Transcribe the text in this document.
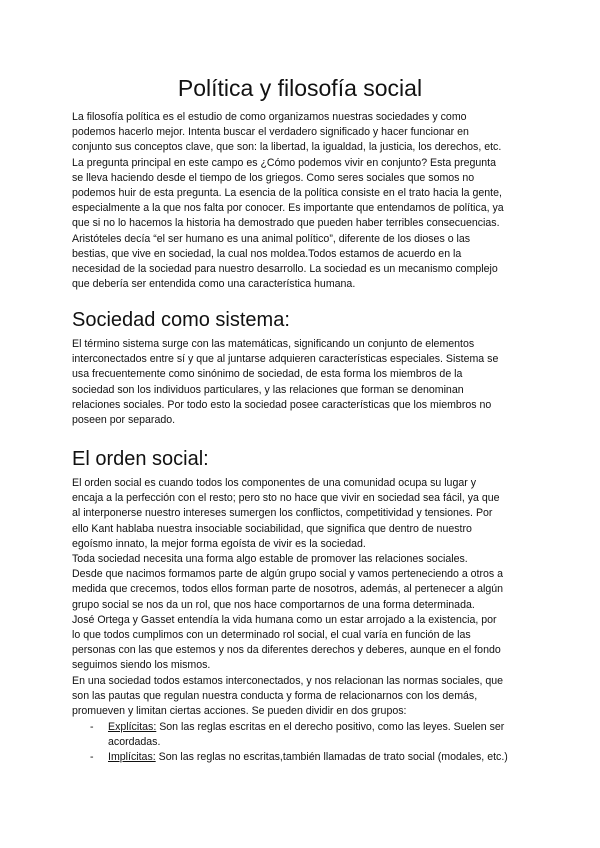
Política y filosofía social
La filosofía política es el estudio de como organizamos nuestras sociedades y como
podemos hacerlo mejor. Intenta buscar el verdadero significado y hacer funcionar en
conjunto sus conceptos clave, que son: la libertad, la igualdad, la justicia, los derechos, etc.
La pregunta principal en este campo es ¿Cómo podemos vivir en conjunto? Esta pregunta
se lleva haciendo desde el tiempo de los griegos. Como seres sociales que somos no
podemos huir de esta pregunta. La esencia de la política consiste en el trato hacia la gente,
especialmente a la que nos falta por conocer. Es importante que entendamos de política, ya
que si no lo hacemos la historia ha demostrado que pueden haber terribles consecuencias.
Aristóteles decía “el ser humano es una animal político”, diferente de los dioses o las
bestias, que vive en sociedad, la cual nos moldea.Todos estamos de acuerdo en la
necesidad de la sociedad para nuestro desarrollo. La sociedad es un mecanismo complejo
que debería ser entendida como una característica humana.
Sociedad como sistema:
El término sistema surge con las matemáticas, significando un conjunto de elementos
interconectados entre sí y que al juntarse adquieren características especiales. Sistema se
usa frecuentemente como sinónimo de sociedad, de esta forma los miembros de la
sociedad son los individuos particulares, y las relaciones que forman se denominan
relaciones sociales. Por todo esto la sociedad posee características que los miembros no
poseen por separado.
El orden social:
El orden social es cuando todos los componentes de una comunidad ocupa su lugar y
encaja a la perfección con el resto; pero sto no hace que vivir en sociedad sea fácil, ya que
al interponerse nuestro intereses sumergen los conflictos, competitividad y tensiones. Por
ello Kant hablaba nuestra insociable sociabilidad, que significa que dentro de nuestro
egoísmo innato, la mejor forma egoísta de vivir es la sociedad.
Toda sociedad necesita una forma algo estable de promover las relaciones sociales.
Desde que nacimos formamos parte de algún grupo social y vamos perteneciendo a otros a
medida que crecemos, todos ellos forman parte de nosotros, además, al pertenecer a algún
grupo social se nos da un rol, que nos hace comportarnos de una forma determinada.
José Ortega y Gasset entendía la vida humana como un estar arrojado a la existencia, por
lo que todos cumplimos con un determinado rol social, el cual varía en función de las
personas con las que estemos y nos da diferentes derechos y deberes, aunque en el fondo
seguimos siendo los mismos.
En una sociedad todos estamos interconectados, y nos relacionan las normas sociales, que
son las pautas que regulan nuestra conducta y forma de relacionarnos con los demás,
promueven y limitan ciertas acciones. Se pueden dividir en dos grupos:
- Explícitas: Son las reglas escritas en el derecho positivo, como las leyes. Suelen ser
acordadas.
- Implícitas: Son las reglas no escritas,también llamadas de trato social (modales, etc.)
